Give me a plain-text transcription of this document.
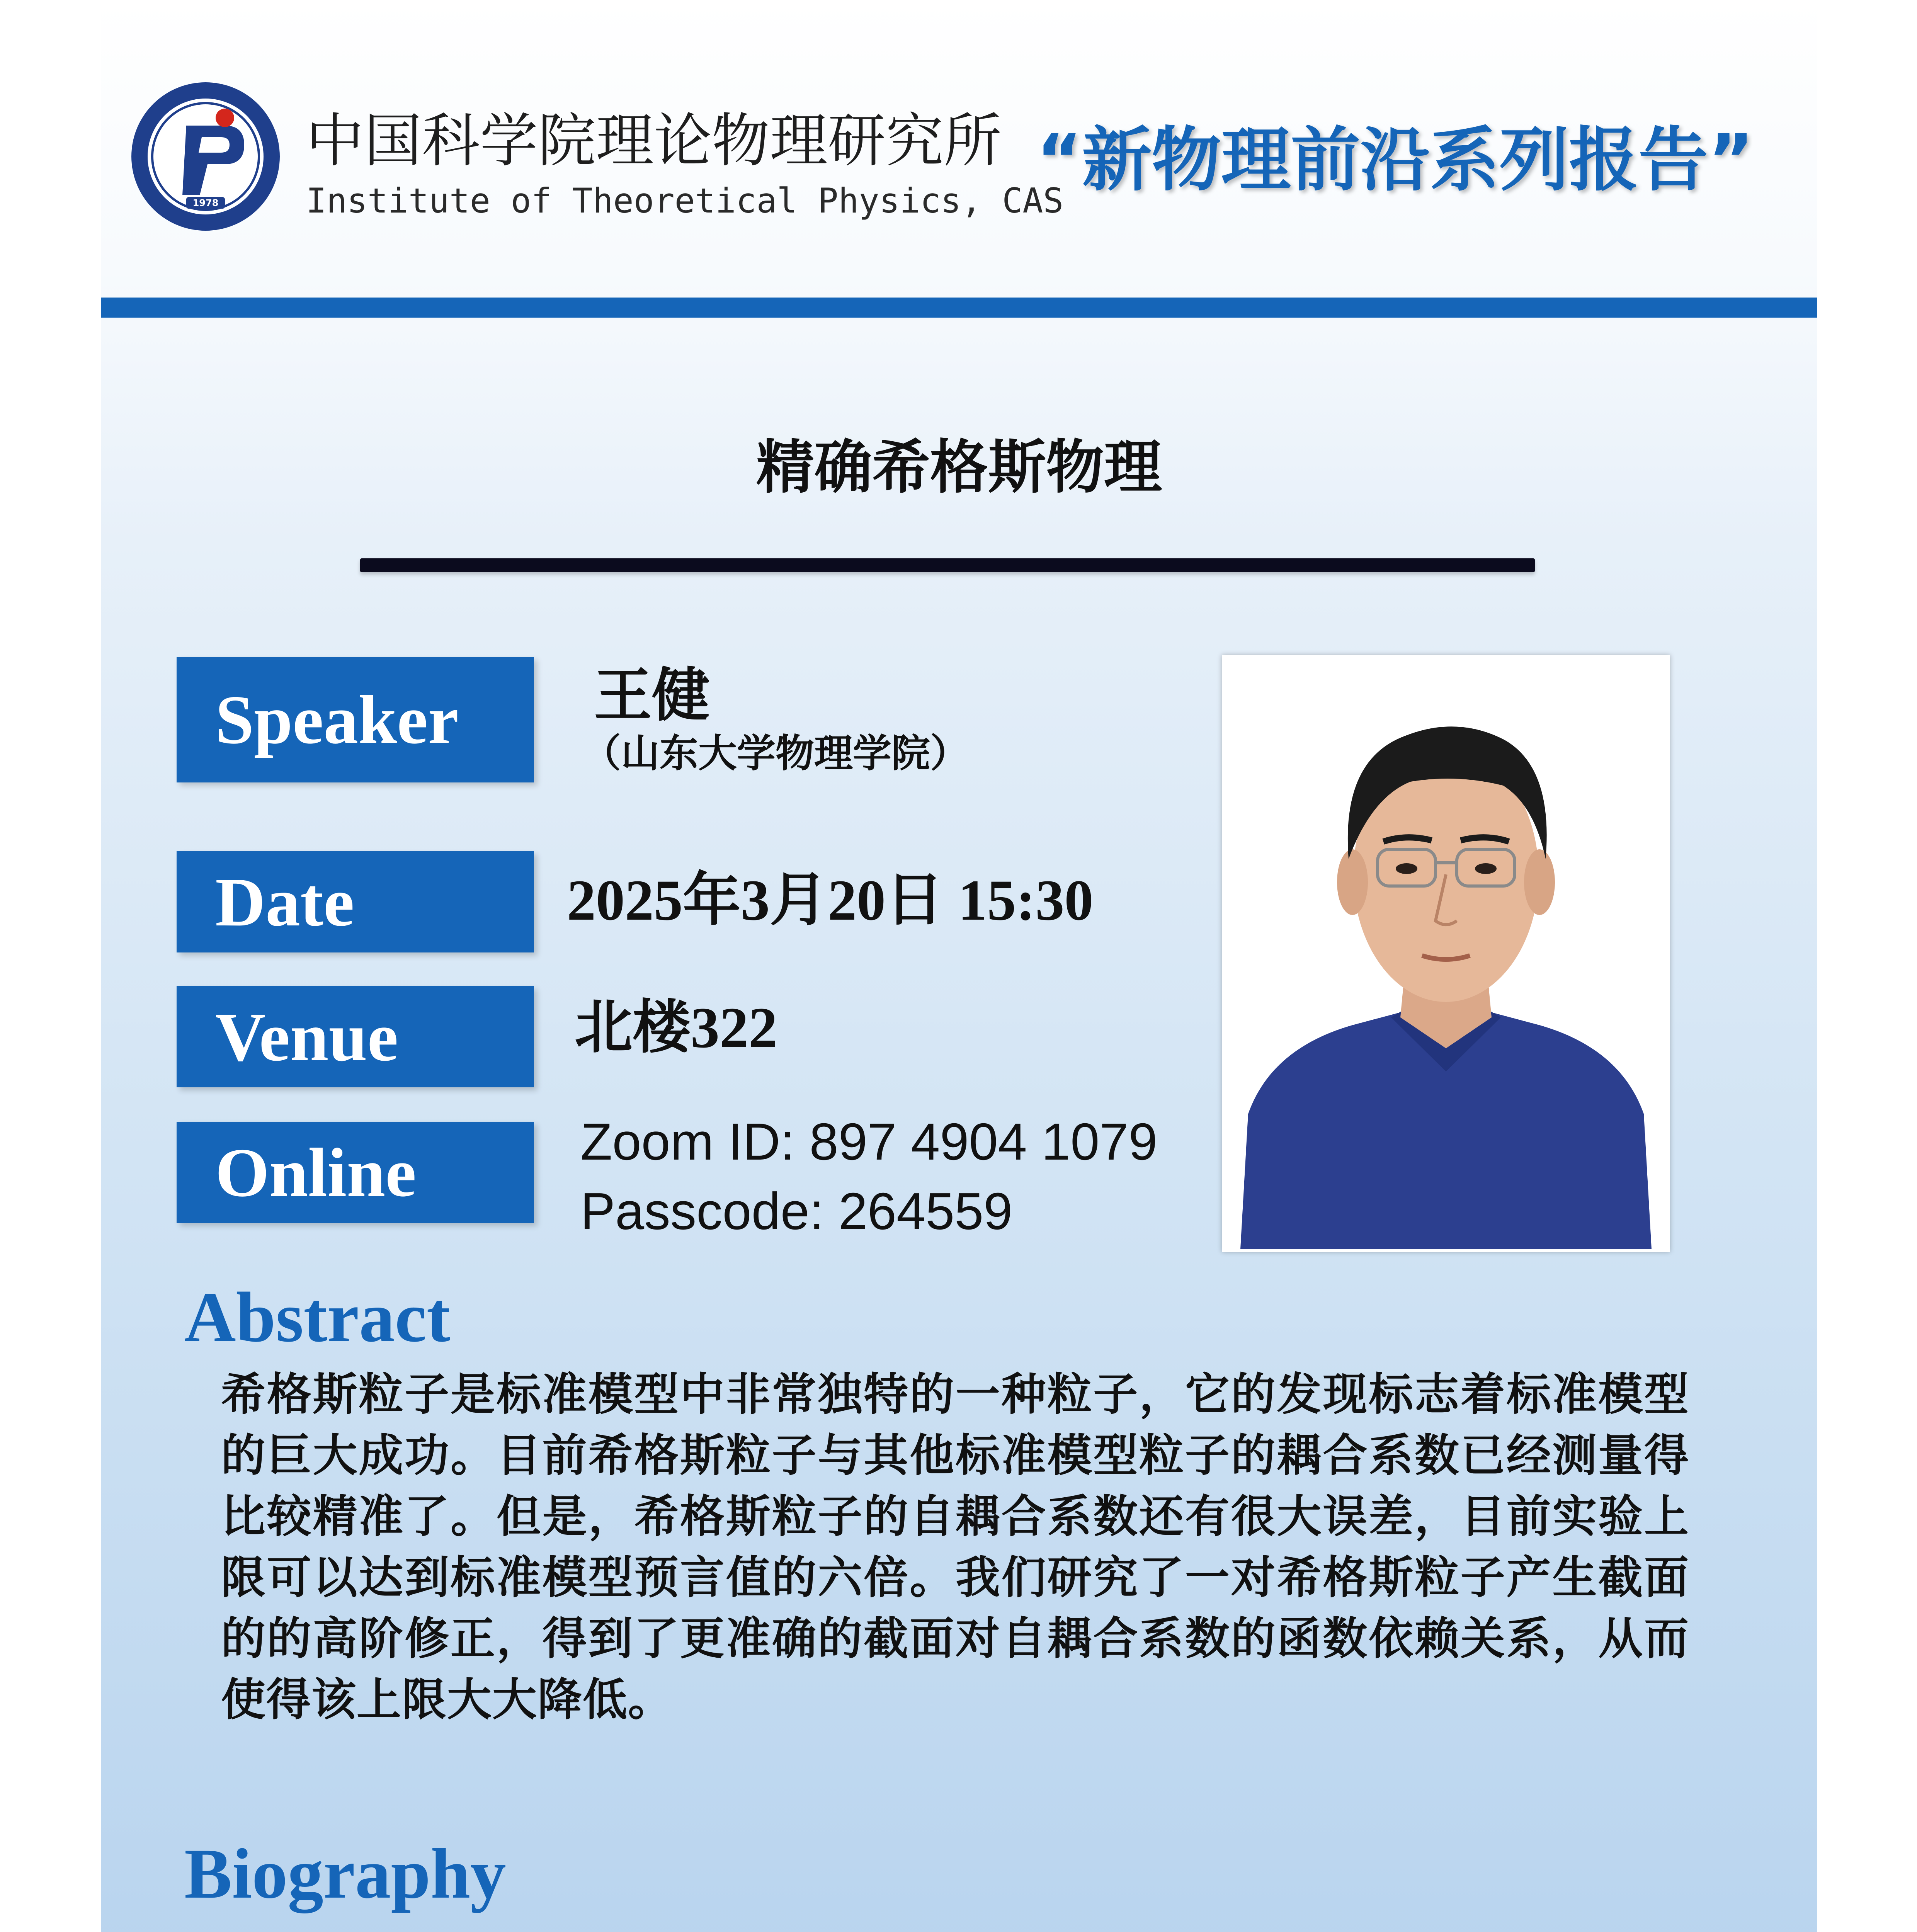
1978
中国科学院理论物理研究所
Institute of Theoretical Physics, CAS
“新物理前沿系列报告”
精确希格斯物理
Speaker	王健
（山东大学物理学院）
Date	2025年3月20日 15:30
Venue	北楼322
Online	Zoom ID: 897 4904 1079
Passcode: 264559
Abstract
希格斯粒子是标准模型中非常独特的一种粒子，它的发现标志着标准模型的巨大成功。目前希格斯粒子与其他标准模型粒子的耦合系数已经测量得比较精准了。但是，希格斯粒子的自耦合系数还有很大误差，目前实验上限可以达到标准模型预言值的六倍。我们研究了一对希格斯粒子产生截面的的高阶修正，得到了更准确的截面对自耦合系数的函数依赖关系，从而使得该上限大大降低。
Biography
